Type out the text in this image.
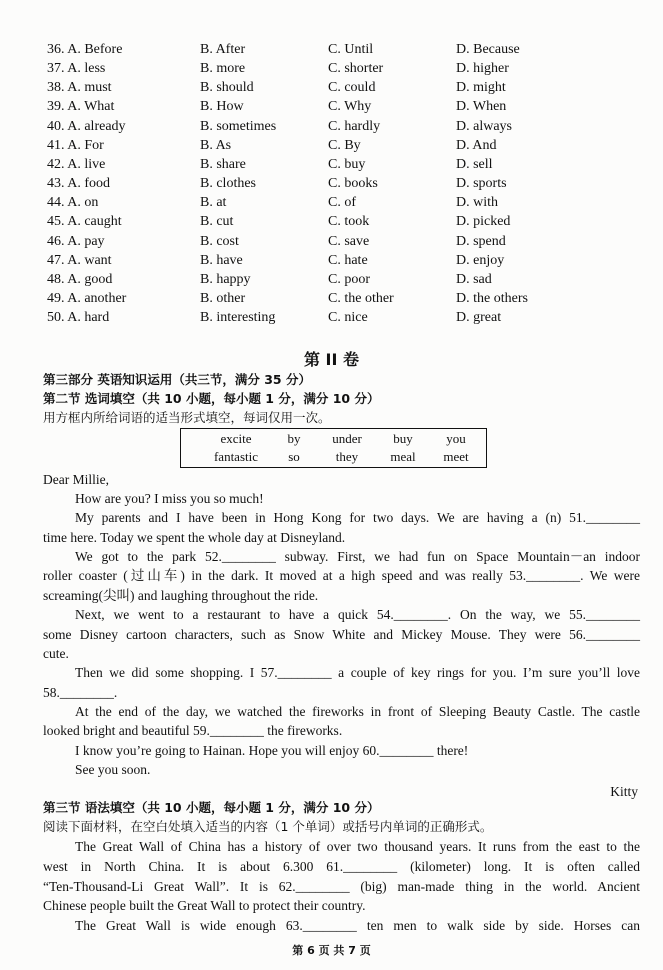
36. A. Before	B. After	C. Until	D. Because
37. A. less	B. more	C. shorter	D. higher
38. A. must	B. should	C. could	D. might
39. A. What	B. How	C. Why	D. When
40. A. already	B. sometimes	C. hardly	D. always
41. A. For	B. As	C. By	D. And
42. A. live	B. share	C. buy	D. sell
43. A. food	B. clothes	C. books	D. sports
44. A. on	B. at	C. of	D. with
45. A. caught	B. cut	C. took	D. picked
46. A. pay	B. cost	C. save	D. spend
47. A. want	B. have	C. hate	D. enjoy
48. A. good	B. happy	C. poor	D. sad
49. A. another	B. other	C. the other	D. the others
50. A. hard	B. interesting	C. nice	D. great
第 II 卷
第三部分 英语知识运用（共三节，满分 35 分）
第二节 选词填空（共 10 小题，每小题 1 分，满分 10 分）
用方框内所给词语的适当形式填空，每词仅用一次。
excite	by	under	buy	you
fantastic	so	they	meal	meet
Dear Millie,
How are you? I miss you so much!
My parents and I have been in Hong Kong for two days. We are having a (n) 51.________
time here. Today we spent the whole day at Disneyland.
We got to the park 52.________ subway. First, we had fun on Space Mountain－an indoor
roller coaster (过山车) in the dark. It moved at a high speed and was really 53.________. We were
screaming(尖叫) and laughing throughout the ride.
Next, we went to a restaurant to have a quick 54.________. On the way, we 55.________
some Disney cartoon characters, such as Snow White and Mickey Mouse. They were 56.________
cute.
Then we did some shopping. I 57.________ a couple of key rings for you. I’m sure you’ll love
58.________.
At the end of the day, we watched the fireworks in front of Sleeping Beauty Castle. The castle
looked bright and beautiful 59.________ the fireworks.
I know you’re going to Hainan. Hope you will enjoy 60.________ there!
See you soon.
Kitty
第三节 语法填空（共 10 小题，每小题 1 分，满分 10 分）
阅读下面材料，在空白处填入适当的内容（1 个单词）或括号内单词的正确形式。
The Great Wall of China has a history of over two thousand years. It runs from the east to the
west in North China. It is about 6.300 61.________ (kilometer) long. It is often called
“Ten-Thousand-Li Great Wall”. It is 62.________ (big) man-made thing in the world. Ancient
Chinese people built the Great Wall to protect their country.
The Great Wall is wide enough 63.________ ten men to walk side by side. Horses can
第 6 页 共 7 页
